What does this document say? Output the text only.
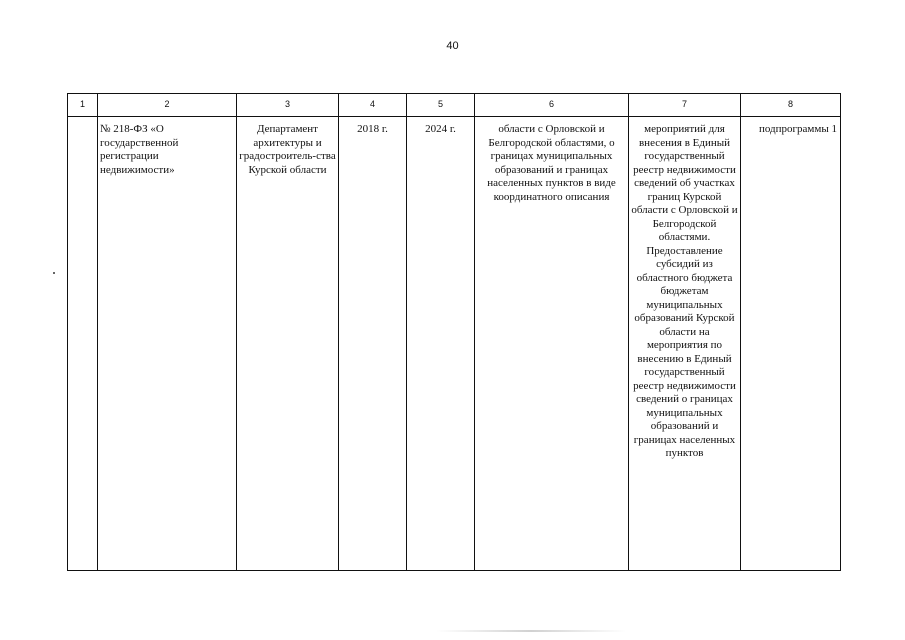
40
1	2	3	4	5	6	7	8
	№ 218-ФЗ «О государственной регистрации недвижимости»	Департамент архитектуры и градостроитель-ства Курской области	2018 г.	2024 г.	области с Орловской и Белгородской областями, о границах муниципальных образований и границах населенных пунктов в виде координатного описания	мероприятий для внесения в Единый государственный реестр недвижимости сведений об участках границ Курской области с Орловской и Белгородской областями. Предоставление субсидий из областного бюджета бюджетам муниципальных образований Курской области на мероприятия по внесению в Единый государственный реестр недвижимости сведений о границах муниципальных образований и границах населенных пунктов	подпрограммы 1
